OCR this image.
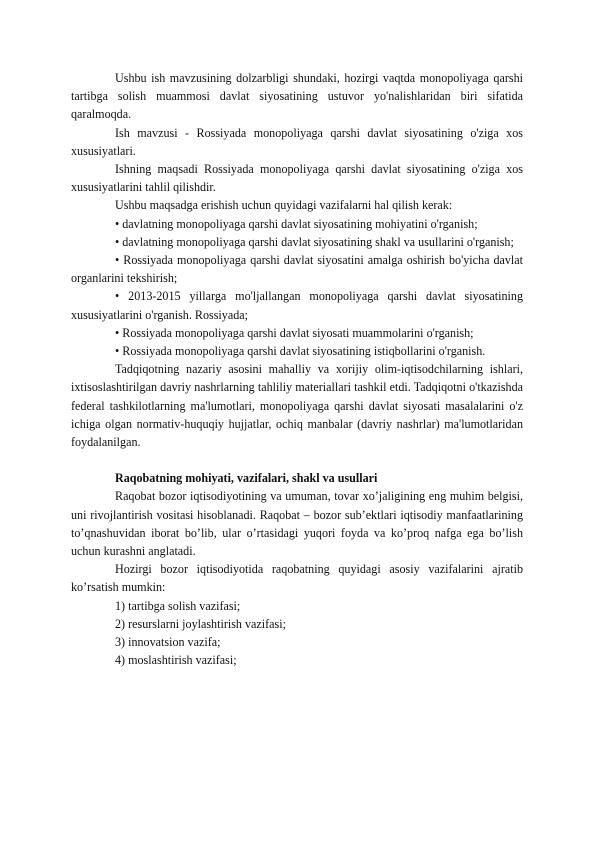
Ushbu ish mavzusining dolzarbligi shundaki, hozirgi vaqtda monopoliyaga qarshi tartibga solish muammosi davlat siyosatining ustuvor yo'nalishlaridan biri sifatida qaralmoqda.

Ish mavzusi - Rossiyada monopoliyaga qarshi davlat siyosatining o'ziga xos xususiyatlari.

Ishning maqsadi Rossiyada monopoliyaga qarshi davlat siyosatining o'ziga xos xususiyatlarini tahlil qilishdir.

Ushbu maqsadga erishish uchun quyidagi vazifalarni hal qilish kerak:

• davlatning monopoliyaga qarshi davlat siyosatining mohiyatini o'rganish;

• davlatning monopoliyaga qarshi davlat siyosatining shakl va usullarini o'rganish;

• Rossiyada monopoliyaga qarshi davlat siyosatini amalga oshirish bo'yicha davlat organlarini tekshirish;

• 2013-2015 yillarga mo'ljallangan monopoliyaga qarshi davlat siyosatining xususiyatlarini o'rganish. Rossiyada;

• Rossiyada monopoliyaga qarshi davlat siyosati muammolarini o'rganish;

• Rossiyada monopoliyaga qarshi davlat siyosatining istiqbollarini o'rganish.

Tadqiqotning nazariy asosini mahalliy va xorijiy olim-iqtisodchilarning ishlari, ixtisoslashtirilgan davriy nashrlarning tahliliy materiallari tashkil etdi. Tadqiqotni o'tkazishda federal tashkilotlarning ma'lumotlari, monopoliyaga qarshi davlat siyosati masalalarini o'z ichiga olgan normativ-huquqiy hujjatlar, ochiq manbalar (davriy nashrlar) ma'lumotlaridan foydalanilgan.

Raqobatning mohiyati, vazifalari, shakl va usullari

Raqobat bozor iqtisodiyotining va umuman, tovar xo’jaligining eng muhim belgisi, uni rivojlantirish vositasi hisoblanadi. Raqobat – bozor sub’ektlari iqtisodiy manfaatlarining to’qnashuvidan iborat bo’lib, ular o’rtasidagi yuqori foyda va ko’proq nafga ega bo’lish uchun kurashni anglatadi.

Hozirgi bozor iqtisodiyotida raqobatning quyidagi asosiy vazifalarini ajratib ko’rsatish mumkin:

1) tartibga solish vazifasi;

2) resurslarni joylashtirish vazifasi;

3) innovatsion vazifa;

4) moslashtirish vazifasi;
